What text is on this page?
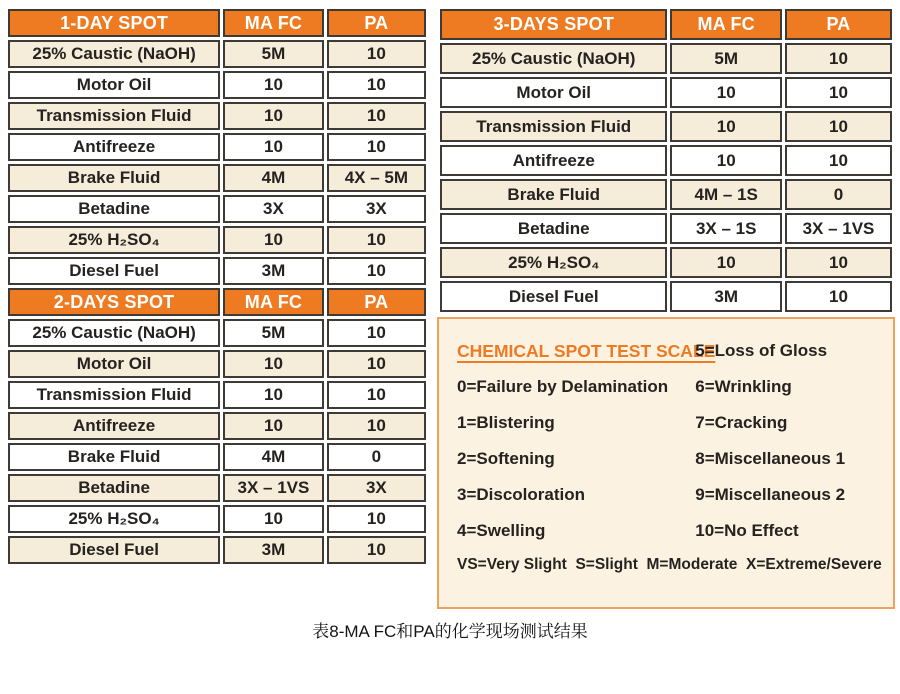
1-DAY SPOT	MA FC	PA
25% Caustic (NaOH)	5M	10
Motor Oil	10	10
Transmission Fluid	10	10
Antifreeze	10	10
Brake Fluid	4M	4X – 5M
Betadine	3X	3X
25% H₂SO₄	10	10
Diesel Fuel	3M	10
2-DAYS SPOT	MA FC	PA
25% Caustic (NaOH)	5M	10
Motor Oil	10	10
Transmission Fluid	10	10
Antifreeze	10	10
Brake Fluid	4M	0
Betadine	3X – 1VS	3X
25% H₂SO₄	10	10
Diesel Fuel	3M	10
3-DAYS SPOT	MA FC	PA
25% Caustic (NaOH)	5M	10
Motor Oil	10	10
Transmission Fluid	10	10
Antifreeze	10	10
Brake Fluid	4M – 1S	0
Betadine	3X – 1S	3X – 1VS
25% H₂SO₄	10	10
Diesel Fuel	3M	10
CHEMICAL SPOT TEST SCALE
0=Failure by Delamination
1=Blistering
2=Softening
3=Discoloration
4=Swelling
5=Loss of Gloss
6=Wrinkling
7=Cracking
8=Miscellaneous 1
9=Miscellaneous 2
10=No Effect
VS=Very Slight  S=Slight  M=Moderate  X=Extreme/Severe
表8-MA FC和PA的化学现场测试结果
